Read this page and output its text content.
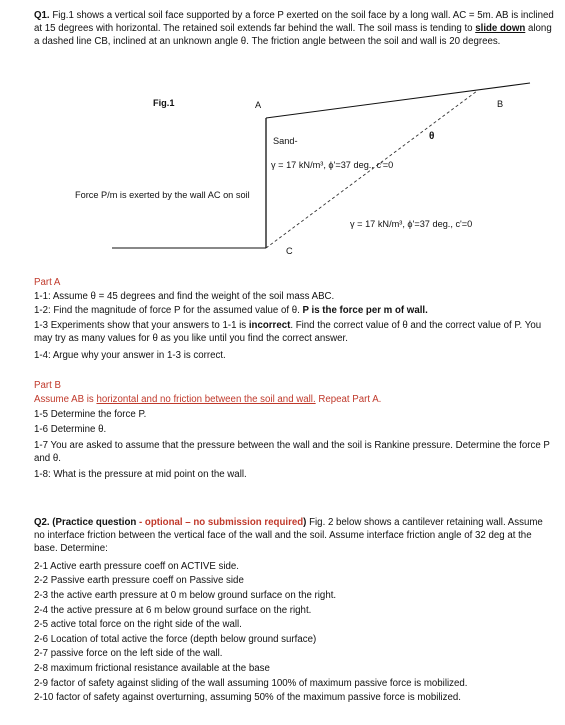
Q1. Fig.1 shows a vertical soil face supported by a force P exerted on the soil face by a long wall. AC = 5m. AB is inclined at 15 degrees with horizontal. The retained soil extends far behind the wall. The soil mass is tending to slide down along a dashed line CB, inclined at an unknown angle θ. The friction angle between the soil and wall is 20 degrees.

Fig.1	A	B
C
θ
Sand-
γ = 17 kN/m³, ϕ'=37 deg., c'=0
Force P/m is exerted by the wall AC on soil
γ = 17 kN/m³, ϕ'=37 deg., c'=0
Part A
1-1: Assume θ = 45 degrees and find the weight of the soil mass ABC.
1-2: Find the magnitude of force P for the assumed value of θ. P is the force per m of wall.

1-3 Experiments show that your answers to 1-1 is incorrect. Find the correct value of θ and the correct value of P. You may try as many values for θ as you like until you find the correct answer.

1-4: Argue why your answer in 1-3 is correct.
Part B
Assume AB is horizontal and no friction between the soil and wall. Repeat Part A.
1-5 Determine the force P.
1-6 Determine θ.

1-7 You are asked to assume that the pressure between the wall and the soil is Rankine pressure. Determine the force P and θ.

1-8: What is the pressure at mid point on the wall.

Q2. (Practice question - optional – no submission required) Fig. 2 below shows a cantilever retaining wall. Assume no interface friction between the vertical face of the wall and the soil. Assume interface friction angle of 32 deg at the base. Determine:

2-1 Active earth pressure coeff on ACTIVE side.
2-2 Passive earth pressure coeff on Passive side
2-3 the active earth pressure at 0 m below ground surface on the right.
2-4 the active pressure at 6 m below ground surface on the right.
2-5 active total force on the right side of the wall.
2-6 Location of total active the force (depth below ground surface)
2-7 passive force on the left side of the wall.
2-8 maximum frictional resistance available at the base
2-9 factor of safety against sliding of the wall assuming 100% of maximum passive force is mobilized.
2-10 factor of safety against overturning, assuming 50% of the maximum passive force is mobilized.
